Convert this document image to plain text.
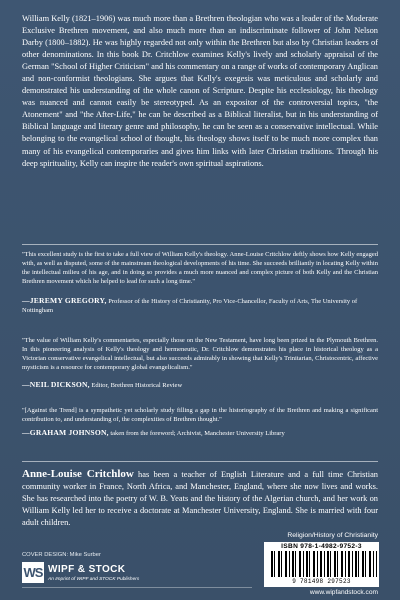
William Kelly (1821–1906) was much more than a Brethren theologian who was a leader of the Moderate Exclusive Brethren movement, and also much more than an indiscriminate follower of John Nelson Darby (1800–1882). He was highly regarded not only within the Brethren but also by Christian leaders of other denominations. In this book Dr. Critchlow examines Kelly's lively and scholarly appraisal of the German "School of Higher Criticism" and his commentary on a range of works of contemporary Anglican and non-conformist theologians. She argues that Kelly's exegesis was meticulous and scholarly and demonstrated his understanding of the whole canon of Scripture. Despite his ecclesiology, his theology was nuanced and cannot easily be stereotyped. As an expositor of the controversial topics, "the Atonement" and "the After-Life," he can be described as a Biblical literalist, but in his understanding of Biblical language and literary genre and philosophy, he can be seen as a conservative intellectual. While belonging to the evangelical school of thought, his theology shows itself to be much more complex than many of his evangelical contemporaries and gives him links with later Christian traditions. Through his deep spirituality, Kelly can inspire the reader's own spiritual aspirations.

"This excellent study is the first to take a full view of William Kelly's theology. Anne-Louise Critchlow deftly shows how Kelly engaged with, as well as disputed, some of the mainstream theological developments of his time. She succeeds brilliantly in locating Kelly within the intellectual milieu of his age, and in doing so provides a much more nuanced and complex picture of both Kelly and the Christian Brethren movement which he helped to lead for such a long time."

—JEREMY GREGORY, Professor of the History of Christianity, Pro Vice-Chancellor, Faculty of Arts, The University of Nottingham

"The value of William Kelly's commentaries, especially those on the New Testament, have long been prized in the Plymouth Brethren. In this pioneering analysis of Kelly's theology and hermeneutic, Dr. Critchlow demonstrates his place in historical theology as a Victorian conservative evangelical intellectual, but also succeeds admirably in showing that Kelly's Trinitarian, Christocentric, affective mysticism is a resource for contemporary global evangelicalism."

—NEIL DICKSON, Editor, Brethren Historical Review

"[Against the Trend] is a sympathetic yet scholarly study filling a gap in the historiography of the Brethren and making a significant contribution to, and understanding of, the complexities of Brethren thought."

—GRAHAM JOHNSON, taken from the foreword; Archivist, Manchester University Library

Anne-Louise Critchlow has been a teacher of English Literature and a full time Christian community worker in France, North Africa, and Manchester, England, where she now lives and works. She has researched into the poetry of W. B. Yeats and the history of the Algerian church, and her work on William Kelly led her to receive a doctorate at Manchester University, England. She is married with four adult children.

Religion/History of Christianity
COVER DESIGN: Mike Surber
ISBN 978-1-4982-9752-3
9 781498 297523
WS WIPF & STOCK
An Imprint of WIPF and STOCK Publishers
www.wipfandstock.com
